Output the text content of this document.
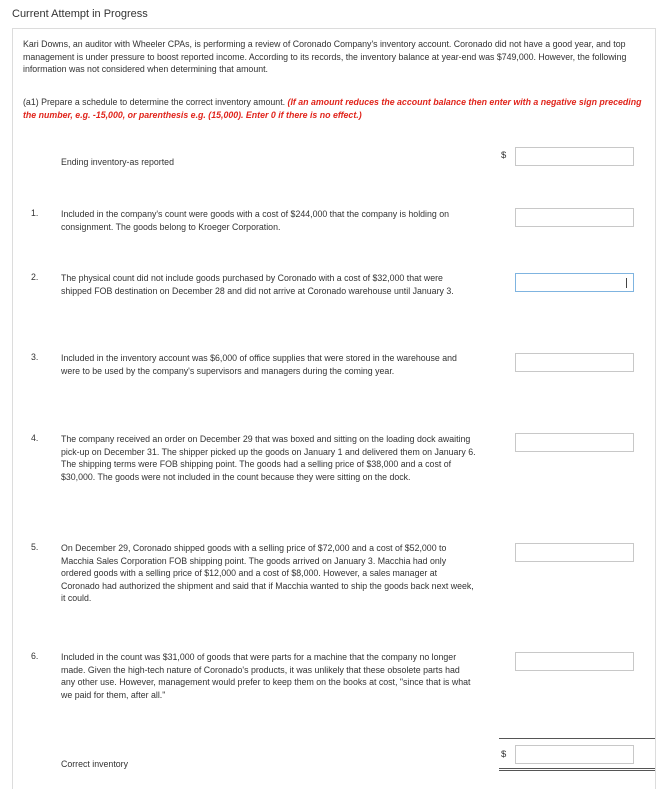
Current Attempt in Progress
Kari Downs, an auditor with Wheeler CPAs, is performing a review of Coronado Company's inventory account. Coronado did not have a good year, and top management is under pressure to boost reported income. According to its records, the inventory balance at year-end was $749,000. However, the following information was not considered when determining that amount.
(a1) Prepare a schedule to determine the correct inventory amount. (If an amount reduces the account balance then enter with a negative sign preceding the number, e.g. -15,000, or parenthesis e.g. (15,000). Enter 0 if there is no effect.)
Ending inventory-as reported
$
1.	Included in the company's count were goods with a cost of $244,000 that the company is holding on consignment. The goods belong to Kroeger Corporation.
2.	The physical count did not include goods purchased by Coronado with a cost of $32,000 that were shipped FOB destination on December 28 and did not arrive at Coronado warehouse until January 3.
3.	Included in the inventory account was $6,000 of office supplies that were stored in the warehouse and were to be used by the company's supervisors and managers during the coming year.
4.	The company received an order on December 29 that was boxed and sitting on the loading dock awaiting pick-up on December 31. The shipper picked up the goods on January 1 and delivered them on January 6. The shipping terms were FOB shipping point. The goods had a selling price of $38,000 and a cost of $30,000. The goods were not included in the count because they were sitting on the dock.
5.	On December 29, Coronado shipped goods with a selling price of $72,000 and a cost of $52,000 to Macchia Sales Corporation FOB shipping point. The goods arrived on January 3. Macchia had only ordered goods with a selling price of $12,000 and a cost of $8,000. However, a sales manager at Coronado had authorized the shipment and said that if Macchia wanted to ship the goods back next week, it could.
6.	Included in the count was $31,000 of goods that were parts for a machine that the company no longer made. Given the high-tech nature of Coronado's products, it was unlikely that these obsolete parts had any other use. However, management would prefer to keep them on the books at cost, "since that is what we paid for them, after all."
$
Correct inventory
